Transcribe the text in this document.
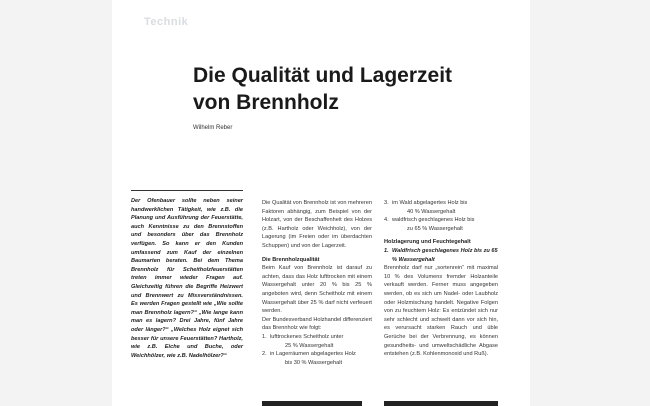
Technik
Die Qualität und Lagerzeit
von Brennholz
Wilhelm Reber

Der Ofenbauer sollte neben seiner handwerklichen Tätigkeit, wie z.B. die Planung und Ausführung der Feuerstätte, auch Kenntnisse zu den Brennstoffen und besonders über das Brennholz verfügen. So kann er den Kunden umfassend zum Kauf der einzelnen Baumarten beraten. Bei dem Thema Brennholz für Scheitholzfeuerstätten treten immer wieder Fragen auf. Gleichzeitig führen die Begriffe Heizwert und Brennwert zu Missverständnissen. Es werden Fragen gestellt wie „Wie sollte man Brennholz lagern?“ „Wie lange kann man es lagern? Drei Jahre, fünf Jahre oder länger?“ „Welches Holz eignet sich besser für unsere Feuerstätten? Hartholz, wie z.B. Eiche und Buche, oder Weichhölzer, wie z.B. Nadelhölzer?“

Die Qualität von Brennholz ist von mehreren Faktoren abhängig, zum Beispiel von der Holzart, von der Beschaffenheit des Holzes (z.B. Hartholz oder Weichholz), von der Lagerung (im Freien oder im überdachten Schuppen) und von der Lagerzeit.

Die Brennholzqualität

Beim Kauf von Brennholz ist darauf zu achten, dass das Holz lufttrocken mit einem Wassergehalt unter 20 % bis 25 % angeboten wird, denn Scheitholz mit einem Wassergehalt über 25 % darf nicht verfeuert werden.

Der Bundesverband Holzhandel differenziert das Brennholz wie folgt:

1. lufttrockenes Scheitholz unter
25 % Wassergehalt
2. in Lagerräumen abgelagertes Holz
bis 30 % Wassergehalt
3. im Wald abgelagertes Holz bis
40 % Wassergehalt
4. waldfrisch geschlagenes Holz bis
zu 65 % Wassergehalt
Holzlagerung und Feuchtegehalt
1. Waldfrisch geschlagenes Holz bis zu 65 % Wassergehalt

Brennholz darf nur „sortenrein“ mit maximal 10 % des Volumens fremder Holzanteile verkauft werden. Ferner muss angegeben werden, ob es sich um Nadel- oder Laubholz oder Holzmischung handelt. Negative Folgen von zu feuchtem Holz: Es entzündet sich nur sehr schlecht und schwelt dann vor sich hin, es verursacht starken Rauch und üble Gerüche bei der Verbrennung, es können gesundheits- und umweltschädliche Abgase entstehen (z.B. Kohlenmonoxid und Ruß).
